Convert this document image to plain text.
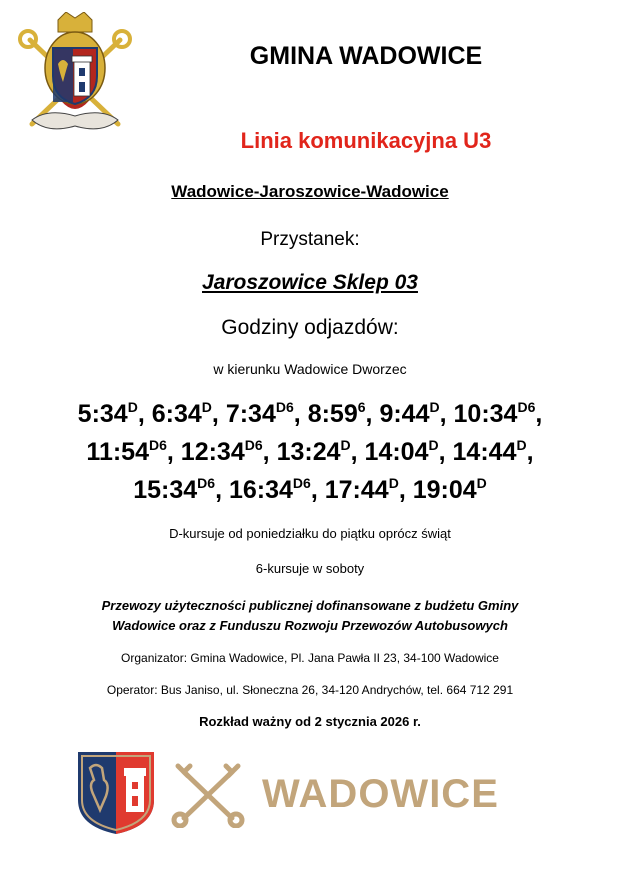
GMINA WADOWICE
Linia komunikacyjna U3
Wadowice-Jaroszowice-Wadowice
Przystanek:
Jaroszowice Sklep 03
Godziny odjazdów:
w kierunku Wadowice Dworzec
$5:34^D$, $6:34^D$, $7:34^{D6}$, $8:59^6$, $9:44^D$, $10:34^{D6}$,
$11:54^{D6}$, $12:34^{D6}$, $13:24^D$, $14:04^D$, $14:44^D$,
$15:34^{D6}$, $16:34^{D6}$, $17:44^D$, $19:04^D$
D-kursuje od poniedziałku do piątku oprócz świąt
6-kursuje w soboty
Przewozy użyteczności publicznej dofinansowane z budżetu Gminy
Wadowice oraz z Funduszu Rozwoju Przewozów Autobusowych
Organizator: Gmina Wadowice, Pl. Jana Pawła II 23, 34-100 Wadowice
Operator: Bus Janiso, ul. Słoneczna 26, 34-120 Andrychów, tel. 664 712 291
Rozkład ważny od 2 stycznia 2026 r.
WADOWICE
